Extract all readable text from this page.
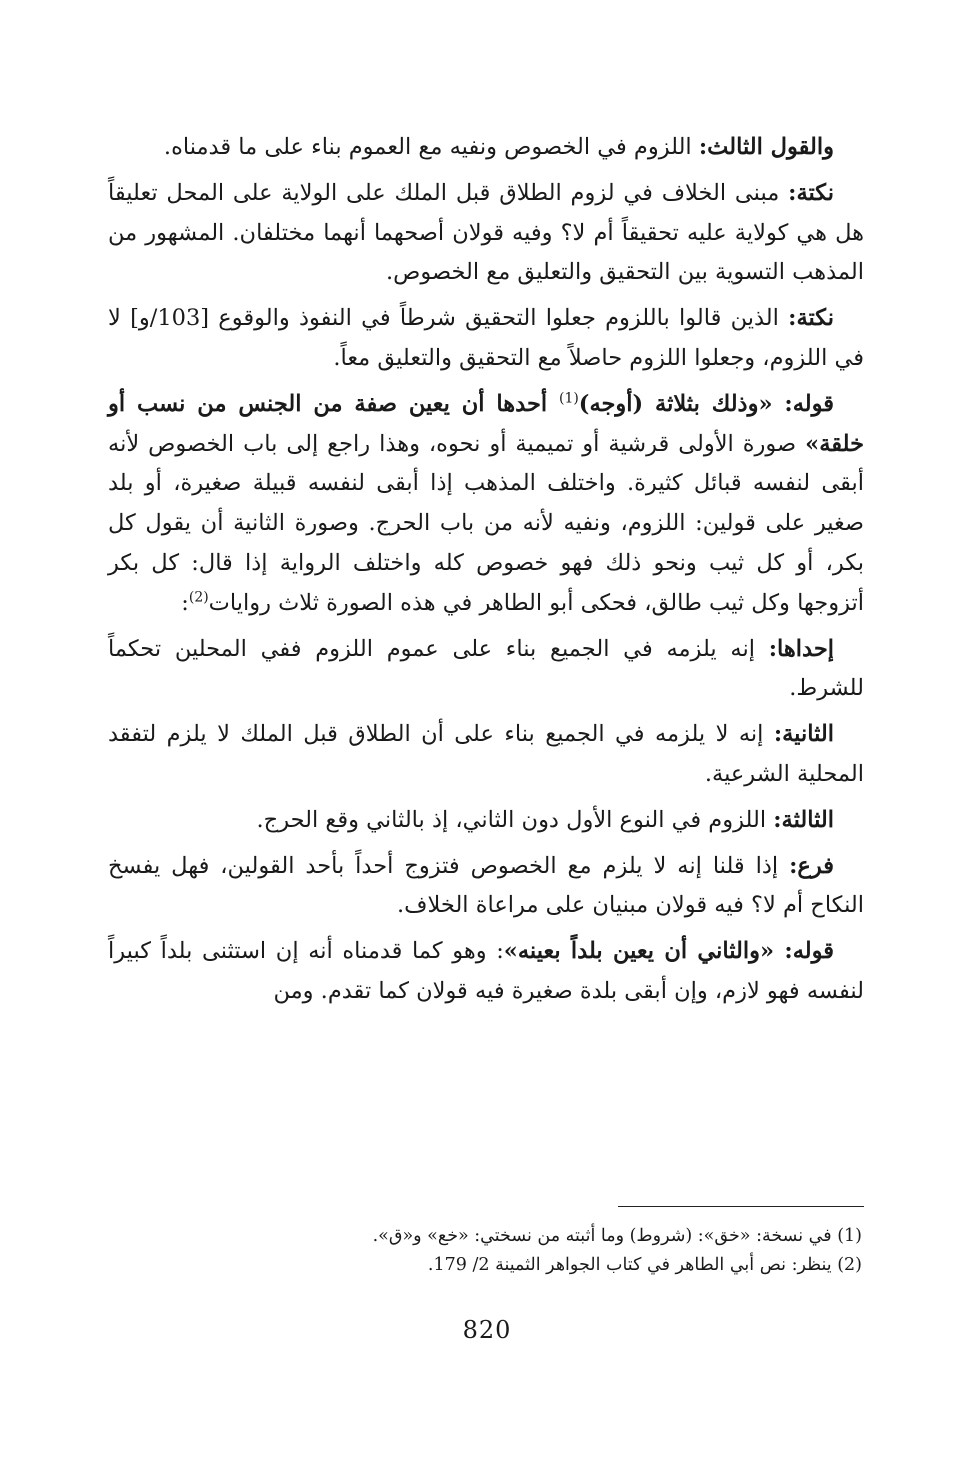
والقول الثالث: اللزوم في الخصوص ونفيه مع العموم بناء على ما قدمناه.

نكتة: مبنى الخلاف في لزوم الطلاق قبل الملك على الولاية على المحل تعليقاً هل هي كولاية عليه تحقيقاً أم لا؟ وفيه قولان أصحهما أنهما مختلفان. المشهور من المذهب التسوية بين التحقيق والتعليق مع الخصوص.

نكتة: الذين قالوا باللزوم جعلوا التحقيق شرطاً في النفوذ والوقوع [103/و] لا في اللزوم، وجعلوا اللزوم حاصلاً مع التحقيق والتعليق معاً.

قوله: «وذلك بثلاثة (أوجه)$^{(1)}$ أحدها أن يعين صفة من الجنس من نسب أو خلقة» صورة الأولى قرشية أو تميمية أو نحوه، وهذا راجع إلى باب الخصوص لأنه أبقى لنفسه قبائل كثيرة. واختلف المذهب إذا أبقى لنفسه قبيلة صغيرة، أو بلد صغير على قولين: اللزوم، ونفيه لأنه من باب الحرج. وصورة الثانية أن يقول كل بكر، أو كل ثيب ونحو ذلك فهو خصوص كله واختلف الرواية إذا قال: كل بكر أتزوجها وكل ثيب طالق، فحكى أبو الطاهر في هذه الصورة ثلاث روايات$^{(2)}$:

إحداها: إنه يلزمه في الجميع بناء على عموم اللزوم ففي المحلين تحكماً للشرط.

الثانية: إنه لا يلزمه في الجميع بناء على أن الطلاق قبل الملك لا يلزم لتفقد المحلية الشرعية.

الثالثة: اللزوم في النوع الأول دون الثاني، إذ بالثاني وقع الحرج.

فرع: إذا قلنا إنه لا يلزم مع الخصوص فتزوج أحداً بأحد القولين، فهل يفسخ النكاح أم لا؟ فيه قولان مبنيان على مراعاة الخلاف.

قوله: «والثاني أن يعين بلداً بعينه»: وهو كما قدمناه أنه إن استثنى بلداً كبيراً لنفسه فهو لازم، وإن أبقى بلدة صغيرة فيه قولان كما تقدم. ومن

(1) في نسخة: «خق»: (شروط) وما أثبته من نسختي: «خع» و«ق».
(2) ينظر: نص أبي الطاهر في كتاب الجواهر الثمينة 2/ 179.
820
